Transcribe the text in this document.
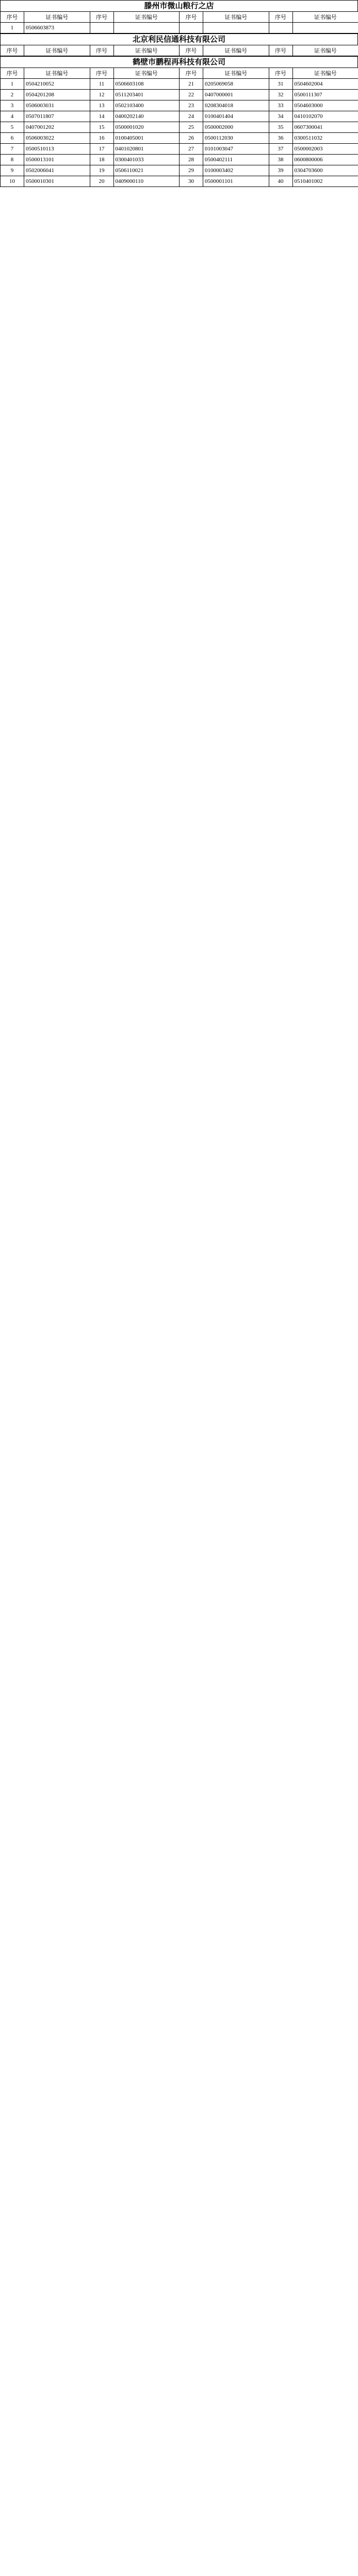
滕州市微山粮行之店
序号	证书编号	序号	证书编号	序号	证书编号	序号	证书编号
1	0506603873						
北京利民信通科技有限公司
序号	证书编号	序号	证书编号	序号	证书编号	序号	证书编号
鹤壁市鹏程再科技有限公司
序号	证书编号	序号	证书编号	序号	证书编号	序号	证书编号
1	0504210052	11	0506603108	21	0205069058	31	0504602004
2	0504201208	12	0511203401	22	0407000001	32	0500111307
3	0506003031	13	0502103400	23	0208304018	33	0504603000
4	0507011807	14	0400202140	24	0100401404	34	0410102070
5	0407001202	15	0500001020	25	0500002000	35	0607300041
6	0506003022	16	0100405001	26	0500112030	36	0300511032
7	0500510113	17	0401020801	27	0101003047	37	0500002003
8	0500013101	18	0300401033	28	0500402111	38	0600800006
9	0502006041	19	0506110021	29	0100003402	39	0304703600
10	0500010301	20	0409000110	30	0500001101	40	0510401002
